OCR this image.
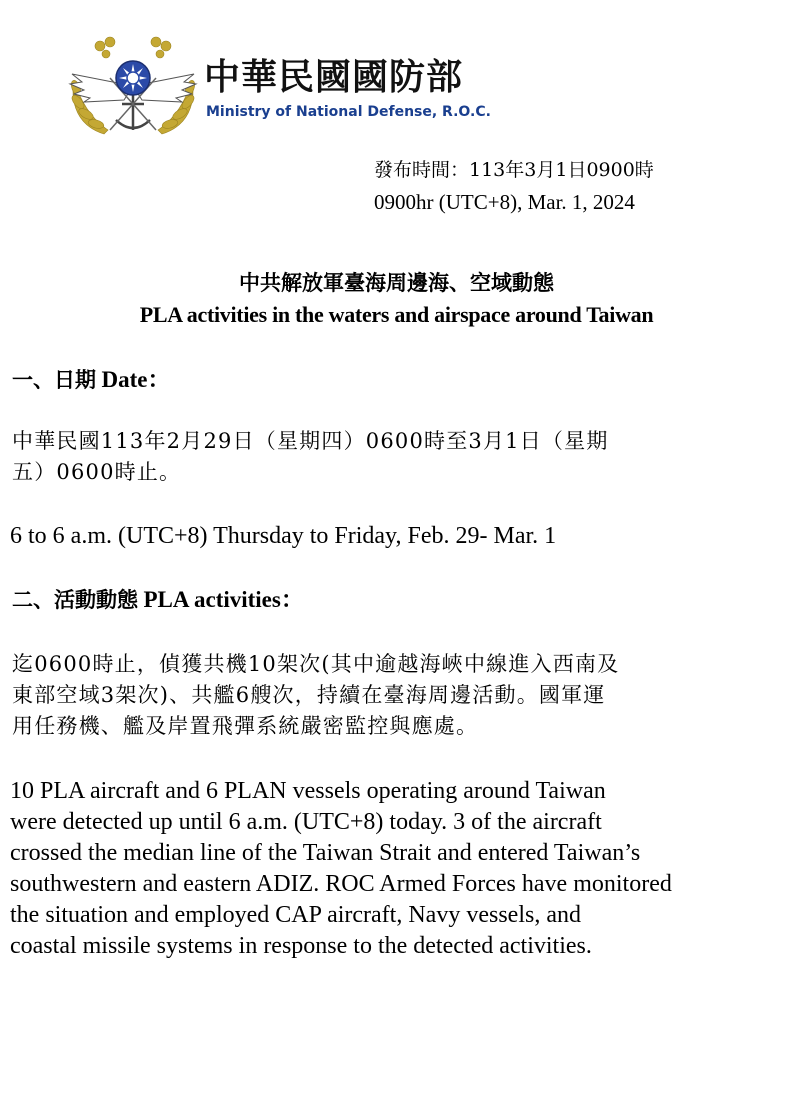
中華民國國防部
Ministry of National Defense, R.O.C.
發布時間：113年3月1日0900時
0900hr (UTC+8), Mar. 1, 2024
中共解放軍臺海周邊海、空域動態
PLA activities in the waters and airspace around Taiwan
一、日期 Date：
中華民國113年2月29日（星期四）0600時至3月1日（星期
五）0600時止。
6 to 6 a.m. (UTC+8) Thursday to Friday, Feb. 29- Mar. 1
二、活動動態 PLA activities：
迄0600時止，偵獲共機10架次(其中逾越海峽中線進入西南及
東部空域3架次)、共艦6艘次，持續在臺海周邊活動。國軍運
用任務機、艦及岸置飛彈系統嚴密監控與應處。
10 PLA aircraft and 6 PLAN vessels operating around Taiwan
were detected up until 6 a.m. (UTC+8) today. 3 of the aircraft
crossed the median line of the Taiwan Strait and entered Taiwan’s
southwestern and eastern ADIZ. ROC Armed Forces have monitored
the situation and employed CAP aircraft, Navy vessels, and
coastal missile systems in response to the detected activities.
